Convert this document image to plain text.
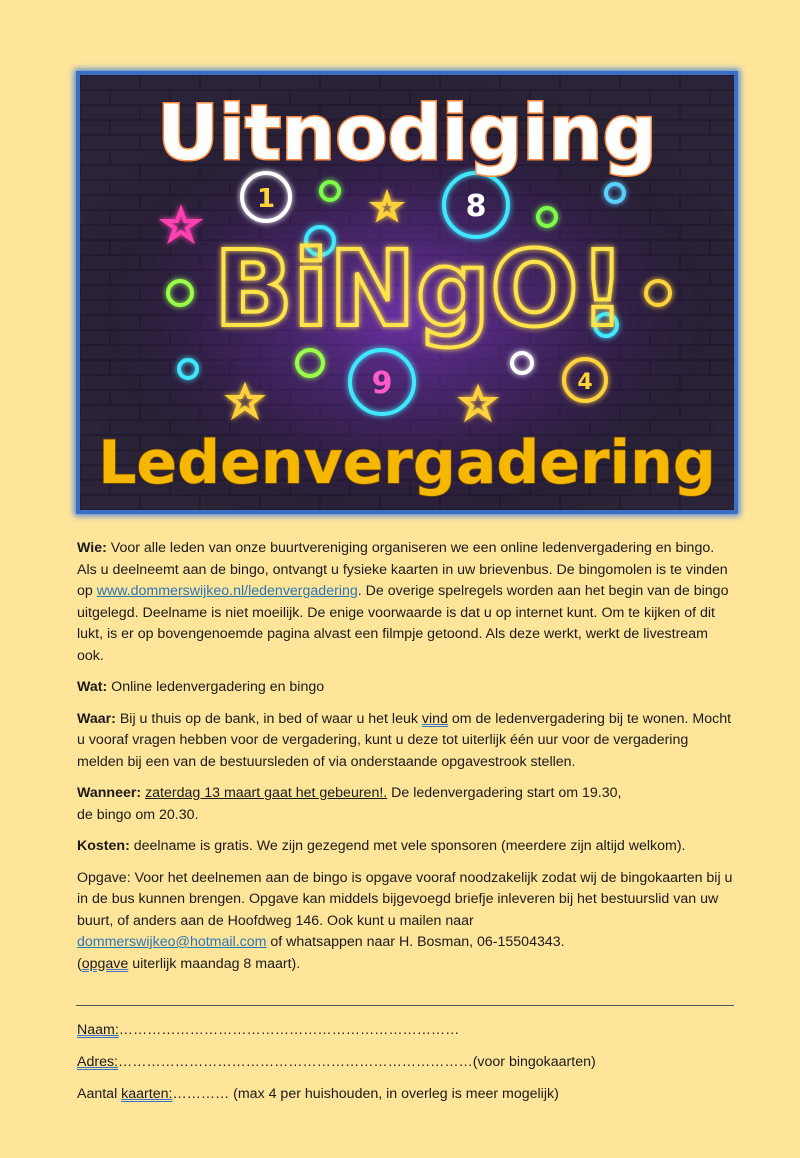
1	8
9	4
Uitnodiging
BiNgO!
Ledenvergadering

Wie: Voor alle leden van onze buurtvereniging organiseren we een online ledenvergadering en bingo. Als u deelneemt aan de bingo, ontvangt u fysieke kaarten in uw brievenbus. De bingomolen is te vinden op www.dommerswijkeo.nl/ledenvergadering. De overige spelregels worden aan het begin van de bingo uitgelegd. Deelname is niet moeilijk. De enige voorwaarde is dat u op internet kunt. Om te kijken of dit lukt, is er op bovengenoemde pagina alvast een filmpje getoond. Als deze werkt, werkt de livestream ook.

Wat: Online ledenvergadering en bingo

Waar: Bij u thuis op de bank, in bed of waar u het leuk vind om de ledenvergadering bij te wonen. Mocht u vooraf vragen hebben voor de vergadering, kunt u deze tot uiterlijk één uur voor de vergadering melden bij een van de bestuursleden of via onderstaande opgavestrook stellen.

Wanneer: zaterdag 13 maart gaat het gebeuren!. De ledenvergadering start om 19.30,
de bingo om 20.30.

Kosten: deelname is gratis. We zijn gezegend met vele sponsoren (meerdere zijn altijd welkom).

Opgave: Voor het deelnemen aan de bingo is opgave vooraf noodzakelijk zodat wij de bingokaarten bij u in de bus kunnen brengen. Opgave kan middels bijgevoegd briefje inleveren bij het bestuurslid van uw buurt, of anders aan de Hoofdweg 146. Ook kunt u mailen naar
dommerswijkeo@hotmail.com of whatsappen naar H. Bosman, 06-15504343.
(opgave uiterlijk maandag 8 maart).

Naam:………………………………………………………………
Adres:…………………………………………………………………(voor bingokaarten)
Aantal kaarten:………… (max 4 per huishouden, in overleg is meer mogelijk)
